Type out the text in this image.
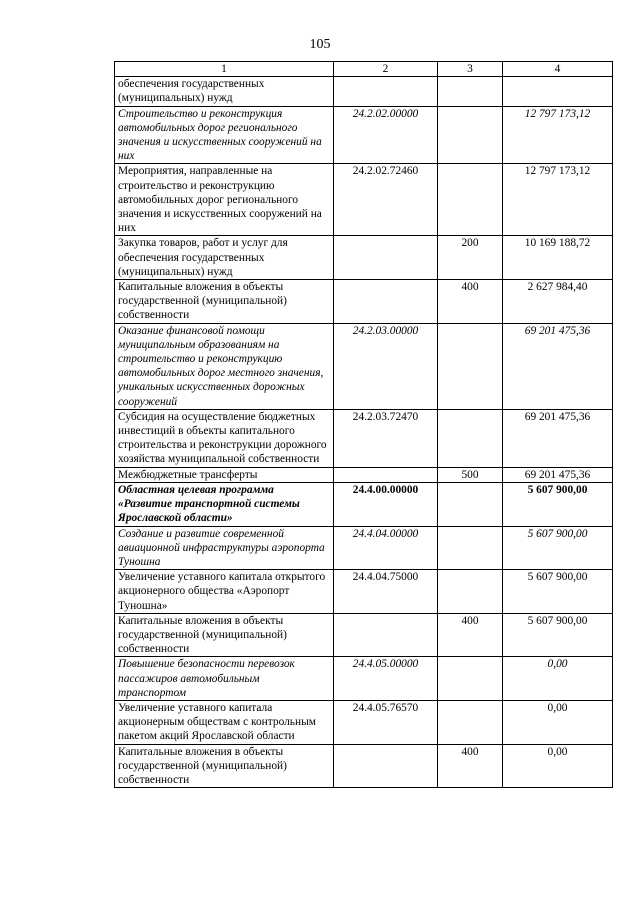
105
1	2	3	4
обеспечения государственных (муниципальных) нужд			
Строительство и реконструкция автомобильных дорог регионального значения и искусственных сооружений на них	24.2.02.00000		12 797 173,12
Мероприятия, направленные на строительство и реконструкцию автомобильных дорог регионального значения и искусственных сооружений на них	24.2.02.72460		12 797 173,12
Закупка товаров, работ и услуг для обеспечения государственных (муниципальных) нужд		200	10 169 188,72
Капитальные вложения в объекты государственной (муниципальной) собственности		400	2 627 984,40
Оказание финансовой помощи муниципальным образованиям на строительство и реконструкцию автомобильных дорог местного значения, уникальных искусственных дорожных сооружений	24.2.03.00000		69 201 475,36
Субсидия на осуществление бюджетных инвестиций в объекты капитального строительства и реконструкции дорожного хозяйства муниципальной собственности	24.2.03.72470		69 201 475,36
Межбюджетные трансферты		500	69 201 475,36
Областная целевая программа «Развитие транспортной системы Ярославской области»	24.4.00.00000		5 607 900,00
Создание и развитие современной авиационной инфраструктуры аэропорта Туношна	24.4.04.00000		5 607 900,00
Увеличение уставного капитала открытого акционерного общества «Аэропорт Туношна»	24.4.04.75000		5 607 900,00
Капитальные вложения в объекты государственной (муниципальной) собственности		400	5 607 900,00
Повышение безопасности перевозок пассажиров автомобильным транспортом	24.4.05.00000		0,00
Увеличение уставного капитала акционерным обществам с контрольным пакетом акций Ярославской области	24.4.05.76570		0,00
Капитальные вложения в объекты государственной (муниципальной) собственности		400	0,00
